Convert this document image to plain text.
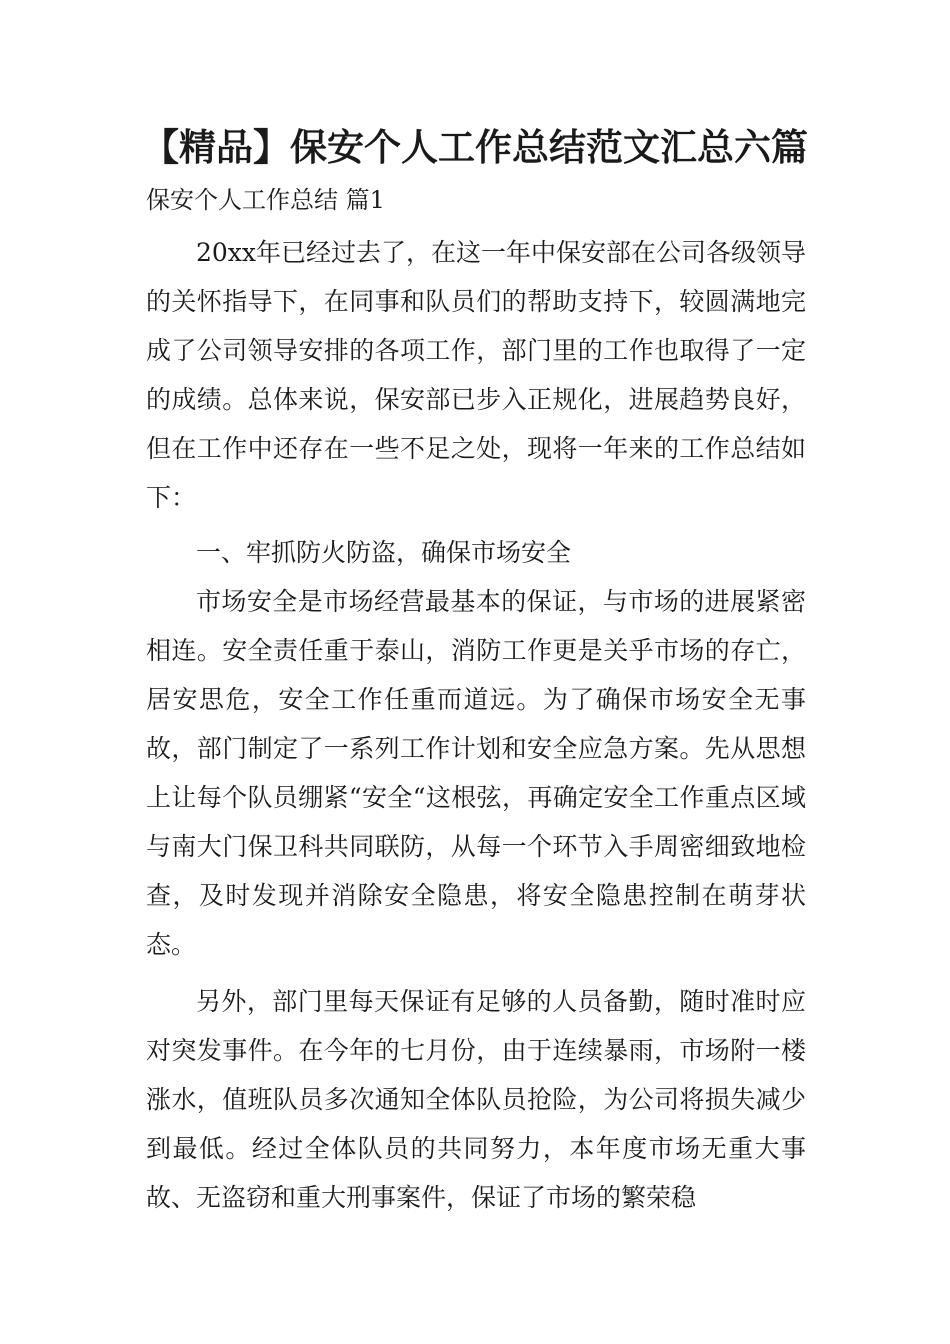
【精品】保安个人工作总结范文汇总六篇

保安个人工作总结 篇1

20xx年已经过去了，在这一年中保安部在公司各级领导的关怀指导下，在同事和队员们的帮助支持下，较圆满地完成了公司领导安排的各项工作，部门里的工作也取得了一定的成绩。总体来说，保安部已步入正规化，进展趋势良好，但在工作中还存在一些不足之处，现将一年来的工作总结如下：

一、牢抓防火防盗，确保市场安全

市场安全是市场经营最基本的保证，与市场的进展紧密相连。安全责任重于泰山，消防工作更是关乎市场的存亡，居安思危，安全工作任重而道远。为了确保市场安全无事故，部门制定了一系列工作计划和安全应急方案。先从思想上让每个队员绷紧“安全“这根弦，再确定安全工作重点区域与南大门保卫科共同联防，从每一个环节入手周密细致地检查，及时发现并消除安全隐患，将安全隐患控制在萌芽状态。

另外，部门里每天保证有足够的人员备勤，随时准时应对突发事件。在今年的七月份，由于连续暴雨，市场附一楼涨水，值班队员多次通知全体队员抢险，为公司将损失减少到最低。经过全体队员的共同努力，本年度市场无重大事故、无盗窃和重大刑事案件，保证了市场的繁荣稳
